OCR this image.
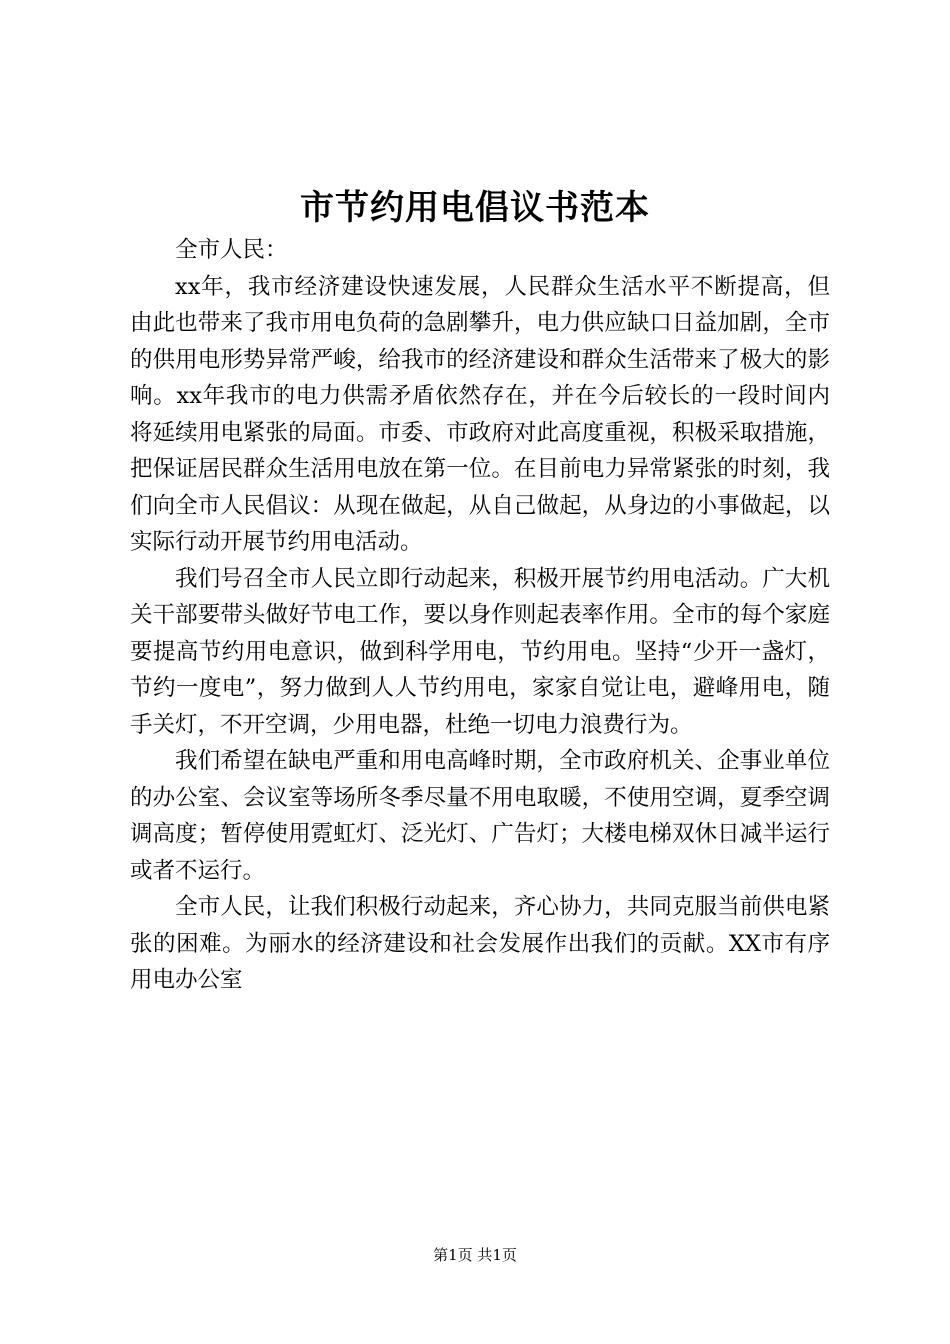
市节约用电倡议书范本

全市人民：

xx年，我市经济建设快速发展，人民群众生活水平不断提高，但由此也带来了我市用电负荷的急剧攀升，电力供应缺口日益加剧，全市的供用电形势异常严峻，给我市的经济建设和群众生活带来了极大的影响。xx年我市的电力供需矛盾依然存在，并在今后较长的一段时间内将延续用电紧张的局面。市委、市政府对此高度重视，积极采取措施，把保证居民群众生活用电放在第一位。在目前电力异常紧张的时刻，我们向全市人民倡议：从现在做起，从自己做起，从身边的小事做起，以实际行动开展节约用电活动。

我们号召全市人民立即行动起来，积极开展节约用电活动。广大机关干部要带头做好节电工作，要以身作则起表率作用。全市的每个家庭要提高节约用电意识，做到科学用电，节约用电。坚持“少开一盏灯，节约一度电”，努力做到人人节约用电，家家自觉让电，避峰用电，随手关灯，不开空调，少用电器，杜绝一切电力浪费行为。

我们希望在缺电严重和用电高峰时期，全市政府机关、企事业单位的办公室、会议室等场所冬季尽量不用电取暖，不使用空调，夏季空调调高度；暂停使用霓虹灯、泛光灯、广告灯；大楼电梯双休日减半运行或者不运行。

全市人民，让我们积极行动起来，齐心协力，共同克服当前供电紧张的困难。为丽水的经济建设和社会发展作出我们的贡献。XX市有序用电办公室

第1页 共1页
